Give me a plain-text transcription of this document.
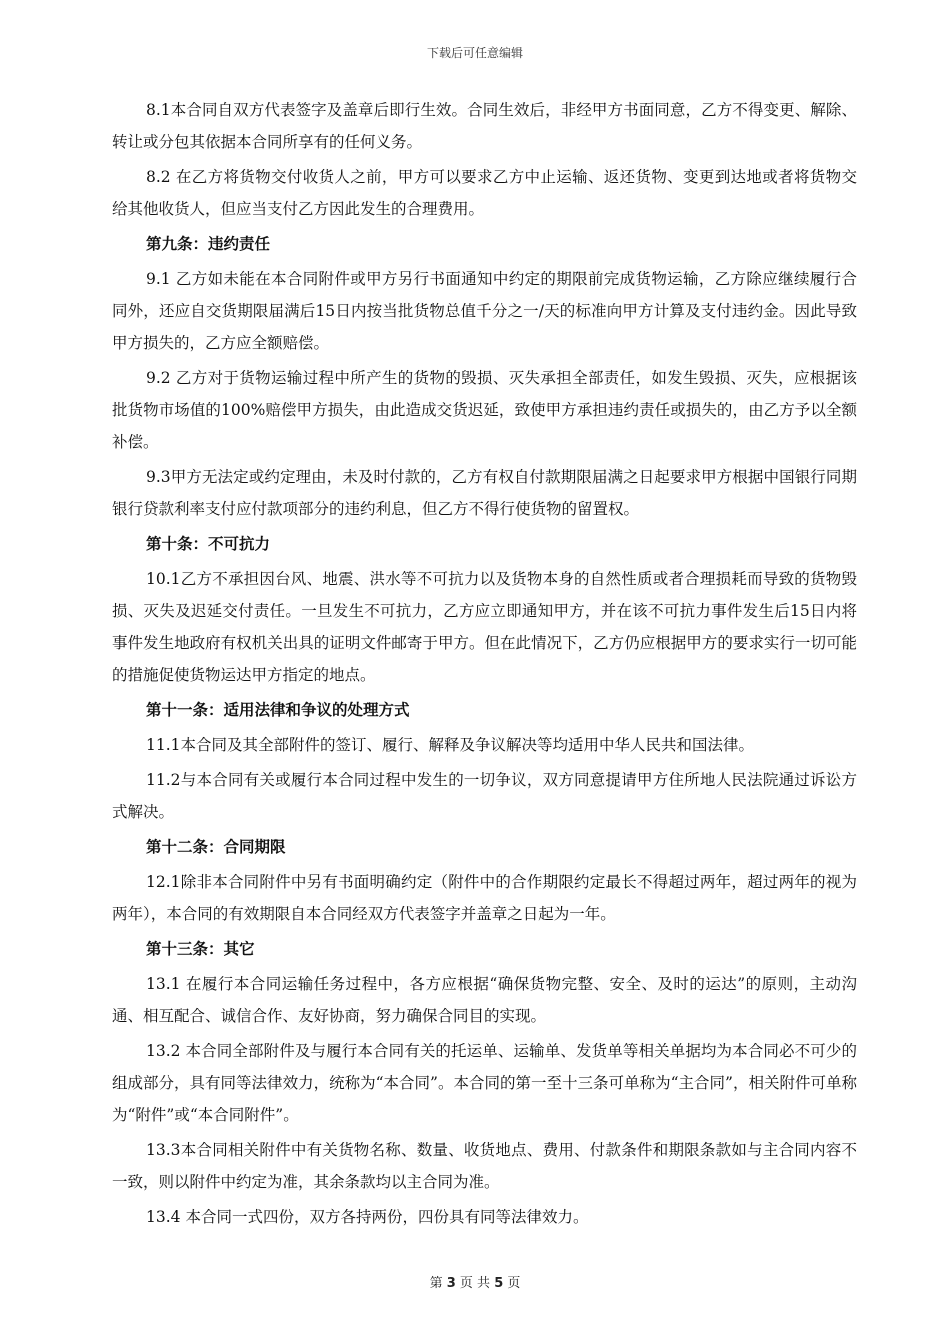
下载后可任意编辑

8.1本合同自双方代表签字及盖章后即行生效。合同生效后，非经甲方书面同意，乙方不得变更、解除、转让或分包其依据本合同所享有的任何义务。

8.2 在乙方将货物交付收货人之前，甲方可以要求乙方中止运输、返还货物、变更到达地或者将货物交给其他收货人，但应当支付乙方因此发生的合理费用。

第九条：违约责任

9.1 乙方如未能在本合同附件或甲方另行书面通知中约定的期限前完成货物运输，乙方除应继续履行合同外，还应自交货期限届满后15日内按当批货物总值千分之一/天的标准向甲方计算及支付违约金。因此导致甲方损失的，乙方应全额赔偿。

9.2 乙方对于货物运输过程中所产生的货物的毁损、灭失承担全部责任，如发生毁损、灭失，应根据该批货物市场值的100%赔偿甲方损失，由此造成交货迟延，致使甲方承担违约责任或损失的，由乙方予以全额补偿。

9.3甲方无法定或约定理由，未及时付款的，乙方有权自付款期限届满之日起要求甲方根据中国银行同期银行贷款利率支付应付款项部分的违约利息，但乙方不得行使货物的留置权。

第十条：不可抗力

10.1乙方不承担因台风、地震、洪水等不可抗力以及货物本身的自然性质或者合理损耗而导致的货物毁损、灭失及迟延交付责任。一旦发生不可抗力，乙方应立即通知甲方，并在该不可抗力事件发生后15日内将事件发生地政府有权机关出具的证明文件邮寄于甲方。但在此情况下，乙方仍应根据甲方的要求实行一切可能的措施促使货物运达甲方指定的地点。

第十一条：适用法律和争议的处理方式

11.1本合同及其全部附件的签订、履行、解释及争议解决等均适用中华人民共和国法律。

11.2与本合同有关或履行本合同过程中发生的一切争议，双方同意提请甲方住所地人民法院通过诉讼方式解决。

第十二条：合同期限

12.1除非本合同附件中另有书面明确约定（附件中的合作期限约定最长不得超过两年，超过两年的视为两年），本合同的有效期限自本合同经双方代表签字并盖章之日起为一年。

第十三条：其它

13.1 在履行本合同运输任务过程中，各方应根据“确保货物完整、安全、及时的运达”的原则，主动沟通、相互配合、诚信合作、友好协商，努力确保合同目的实现。

13.2 本合同全部附件及与履行本合同有关的托运单、运输单、发货单等相关单据均为本合同必不可少的组成部分，具有同等法律效力，统称为“本合同”。本合同的第一至十三条可单称为“主合同”，相关附件可单称为“附件”或“本合同附件”。

13.3本合同相关附件中有关货物名称、数量、收货地点、费用、付款条件和期限条款如与主合同内容不一致，则以附件中约定为准，其余条款均以主合同为准。

13.4 本合同一式四份，双方各持两份，四份具有同等法律效力。

第 3 页 共 5 页
